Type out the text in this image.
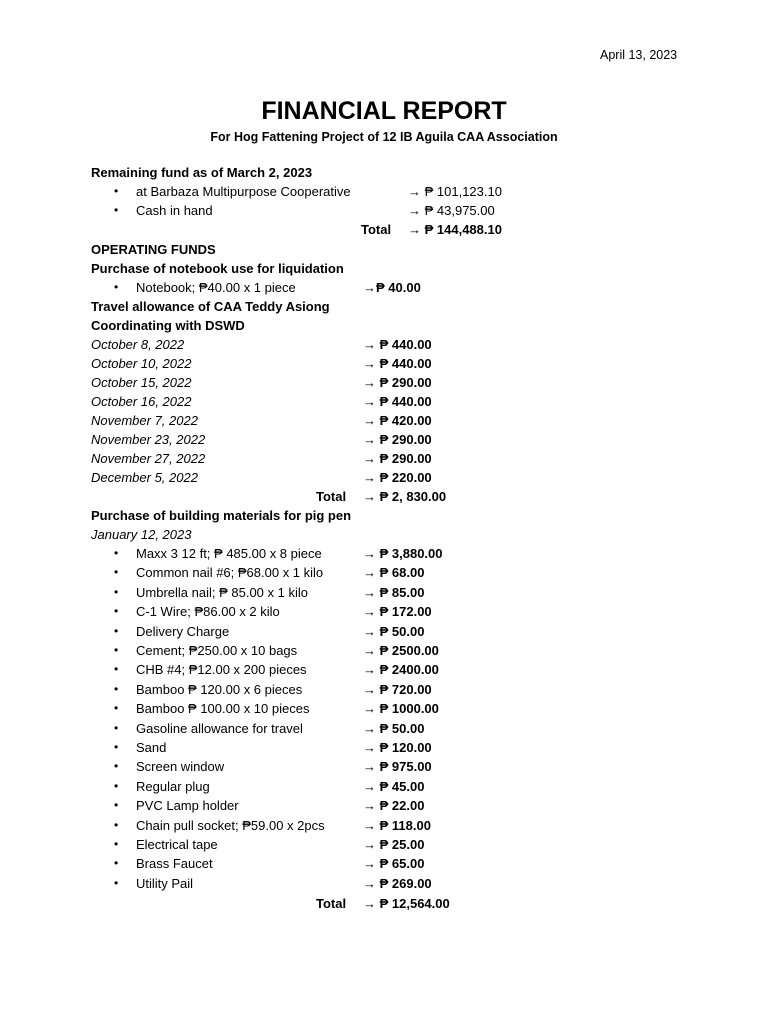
April 13, 2023
FINANCIAL REPORT
For Hog Fattening Project of 12 IB Aguila CAA Association
Remaining fund as of March 2, 2023
• at Barbaza Multipurpose Cooperative	→ ₱ 101,123.10
• Cash in hand	→ ₱ 43,975.00
Total → ₱ 144,488.10
OPERATING FUNDS
Purchase of notebook use for liquidation
• Notebook; ₱40.00 x 1 piece	→₱ 40.00
Travel allowance of CAA Teddy Asiong
Coordinating with DSWD
October 8, 2022	→ ₱ 440.00
October 10, 2022	→ ₱ 440.00
October 15, 2022	→ ₱ 290.00
October 16, 2022	→ ₱ 440.00
November 7, 2022	→ ₱ 420.00
November 23, 2022	→ ₱ 290.00
November 27, 2022	→ ₱ 290.00
December 5, 2022	→ ₱ 220.00
Total → ₱ 2, 830.00
Purchase of building materials for pig pen
January 12, 2023
• Maxx 3 12 ft; ₱ 485.00 x 8 piece	→ ₱ 3,880.00
• Common nail #6; ₱68.00 x 1 kilo	→ ₱ 68.00
• Umbrella nail; ₱ 85.00 x 1 kilo	→ ₱ 85.00
• C-1 Wire; ₱86.00 x 2 kilo	→ ₱ 172.00
• Delivery Charge	→ ₱ 50.00
• Cement; ₱250.00 x 10 bags	→ ₱ 2500.00
• CHB #4; ₱12.00 x 200 pieces	→ ₱ 2400.00
• Bamboo ₱ 120.00 x 6 pieces	→ ₱ 720.00
• Bamboo ₱ 100.00 x 10 pieces	→ ₱ 1000.00
• Gasoline allowance for travel	→ ₱ 50.00
• Sand	→ ₱ 120.00
• Screen window	→ ₱ 975.00
• Regular plug	→ ₱ 45.00
• PVC Lamp holder	→ ₱ 22.00
• Chain pull socket; ₱59.00 x 2pcs	→ ₱ 118.00
• Electrical tape	→ ₱ 25.00
• Brass Faucet	→ ₱ 65.00
• Utility Pail	→ ₱ 269.00
Total → ₱ 12,564.00
